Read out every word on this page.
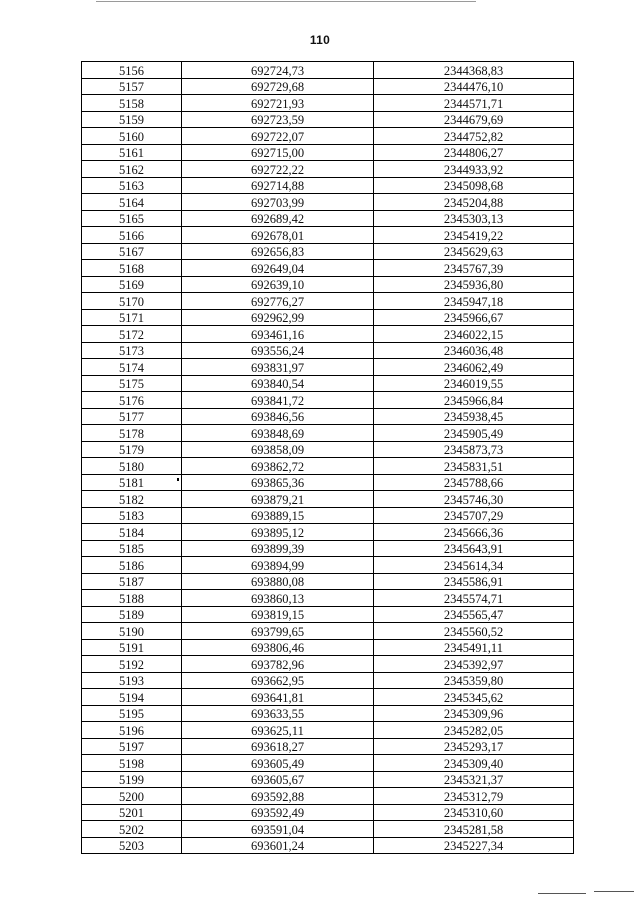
110
5156	692724,73	2344368,83
5157	692729,68	2344476,10
5158	692721,93	2344571,71
5159	692723,59	2344679,69
5160	692722,07	2344752,82
5161	692715,00	2344806,27
5162	692722,22	2344933,92
5163	692714,88	2345098,68
5164	692703,99	2345204,88
5165	692689,42	2345303,13
5166	692678,01	2345419,22
5167	692656,83	2345629,63
5168	692649,04	2345767,39
5169	692639,10	2345936,80
5170	692776,27	2345947,18
5171	692962,99	2345966,67
5172	693461,16	2346022,15
5173	693556,24	2346036,48
5174	693831,97	2346062,49
5175	693840,54	2346019,55
5176	693841,72	2345966,84
5177	693846,56	2345938,45
5178	693848,69	2345905,49
5179	693858,09	2345873,73
5180	693862,72	2345831,51
5181	693865,36	2345788,66
5182	693879,21	2345746,30
5183	693889,15	2345707,29
5184	693895,12	2345666,36
5185	693899,39	2345643,91
5186	693894,99	2345614,34
5187	693880,08	2345586,91
5188	693860,13	2345574,71
5189	693819,15	2345565,47
5190	693799,65	2345560,52
5191	693806,46	2345491,11
5192	693782,96	2345392,97
5193	693662,95	2345359,80
5194	693641,81	2345345,62
5195	693633,55	2345309,96
5196	693625,11	2345282,05
5197	693618,27	2345293,17
5198	693605,49	2345309,40
5199	693605,67	2345321,37
5200	693592,88	2345312,79
5201	693592,49	2345310,60
5202	693591,04	2345281,58
5203	693601,24	2345227,34
